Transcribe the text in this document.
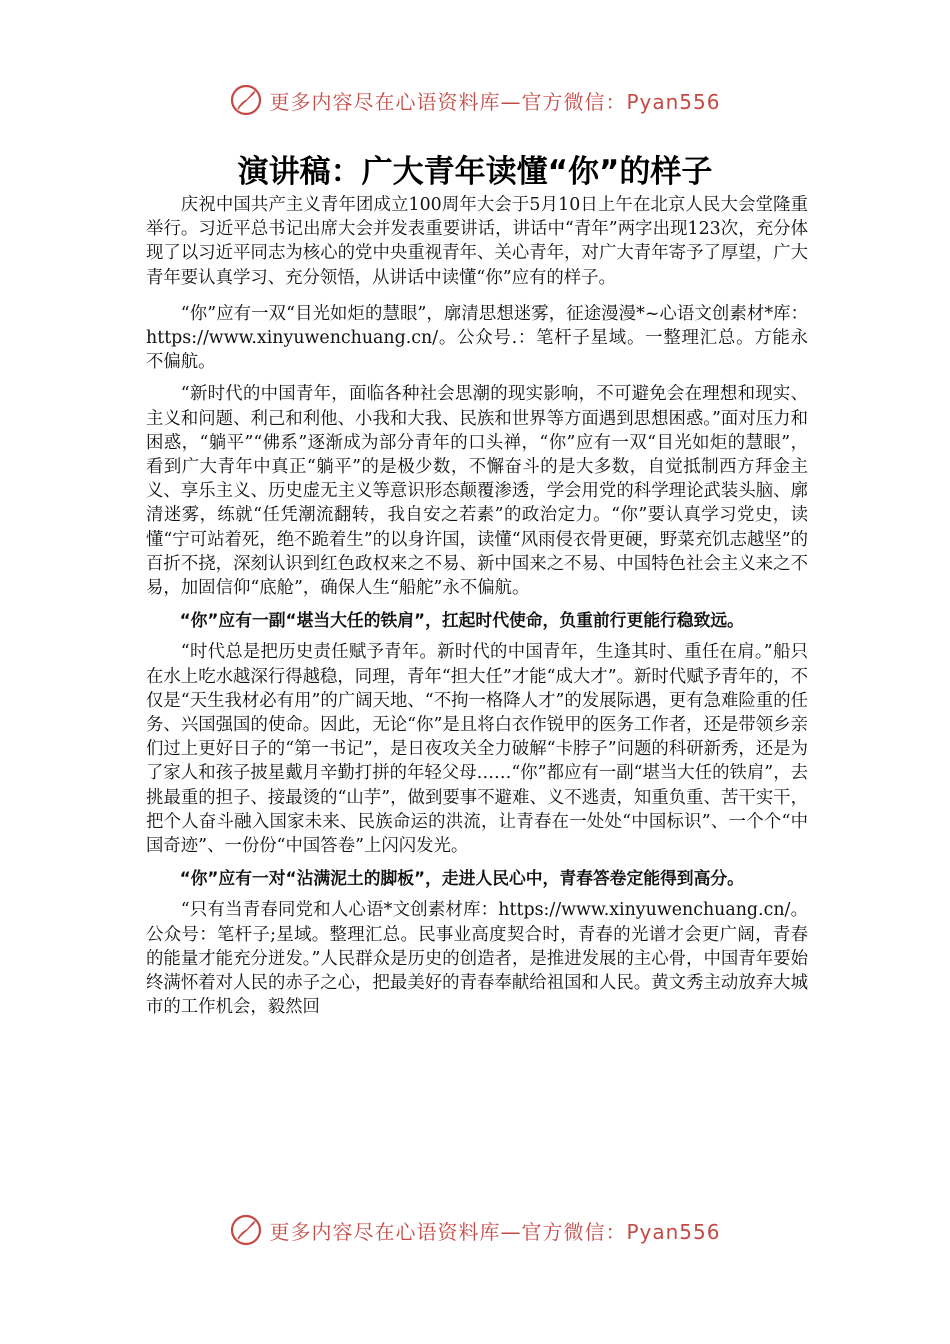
更多内容尽在心语资料库—官方微信：Pyan556
演讲稿：广大青年读懂“你”的样子

庆祝中国共产主义青年团成立100周年大会于5月10日上午在北京人民大会堂隆重举行。习近平总书记出席大会并发表重要讲话，讲话中“青年”两字出现123次，充分体现了以习近平同志为核心的党中央重视青年、关心青年，对广大青年寄予了厚望，广大青年要认真学习、充分领悟，从讲话中读懂“你”应有的样子。

“你”应有一双“目光如炬的慧眼”，廓清思想迷雾，征途漫漫*~心语文创素材*库：https://www.xinyuwenchuang.cn/。公众号.：笔杆子星域。一整理汇总。方能永不偏航。

“新时代的中国青年，面临各种社会思潮的现实影响，不可避免会在理想和现实、主义和问题、利己和利他、小我和大我、民族和世界等方面遇到思想困惑。”面对压力和困惑，“躺平”“佛系”逐渐成为部分青年的口头禅，“你”应有一双“目光如炬的慧眼”，看到广大青年中真正“躺平”的是极少数，不懈奋斗的是大多数，自觉抵制西方拜金主义、享乐主义、历史虚无主义等意识形态颠覆渗透，学会用党的科学理论武装头脑、廓清迷雾，练就“任凭潮流翻转，我自安之若素”的政治定力。“你”要认真学习党史，读懂“宁可站着死，绝不跪着生”的以身许国，读懂“风雨侵衣骨更硬，野菜充饥志越坚”的百折不挠，深刻认识到红色政权来之不易、新中国来之不易、中国特色社会主义来之不易，加固信仰“底舱”，确保人生“船舵”永不偏航。

“你”应有一副“堪当大任的铁肩”，扛起时代使命，负重前行更能行稳致远。

“时代总是把历史责任赋予青年。新时代的中国青年，生逢其时、重任在肩。”船只在水上吃水越深行得越稳，同理，青年“担大任”才能“成大才”。新时代赋予青年的，不仅是“天生我材必有用”的广阔天地、“不拘一格降人才”的发展际遇，更有急难险重的任务、兴国强国的使命。因此，无论“你”是且将白衣作锐甲的医务工作者，还是带领乡亲们过上更好日子的“第一书记”，是日夜攻关全力破解“卡脖子”问题的科研新秀，还是为了家人和孩子披星戴月辛勤打拼的年轻父母……“你”都应有一副“堪当大任的铁肩”，去挑最重的担子、接最烫的“山芋”，做到要事不避难、义不逃责，知重负重、苦干实干，把个人奋斗融入国家未来、民族命运的洪流，让青春在一处处“中国标识”、一个个“中国奇迹”、一份份“中国答卷”上闪闪发光。

“你”应有一对“沾满泥土的脚板”，走进人民心中，青春答卷定能得到高分。

“只有当青春同党和人心语*文创素材库：https://www.xinyuwenchuang.cn/。公众号：笔杆子;星域。整理汇总。民事业高度契合时，青春的光谱才会更广阔，青春的能量才能充分迸发。”人民群众是历史的创造者，是推进发展的主心骨，中国青年要始终满怀着对人民的赤子之心，把最美好的青春奉献给祖国和人民。黄文秀主动放弃大城市的工作机会，毅然回

更多内容尽在心语资料库—官方微信：Pyan556
